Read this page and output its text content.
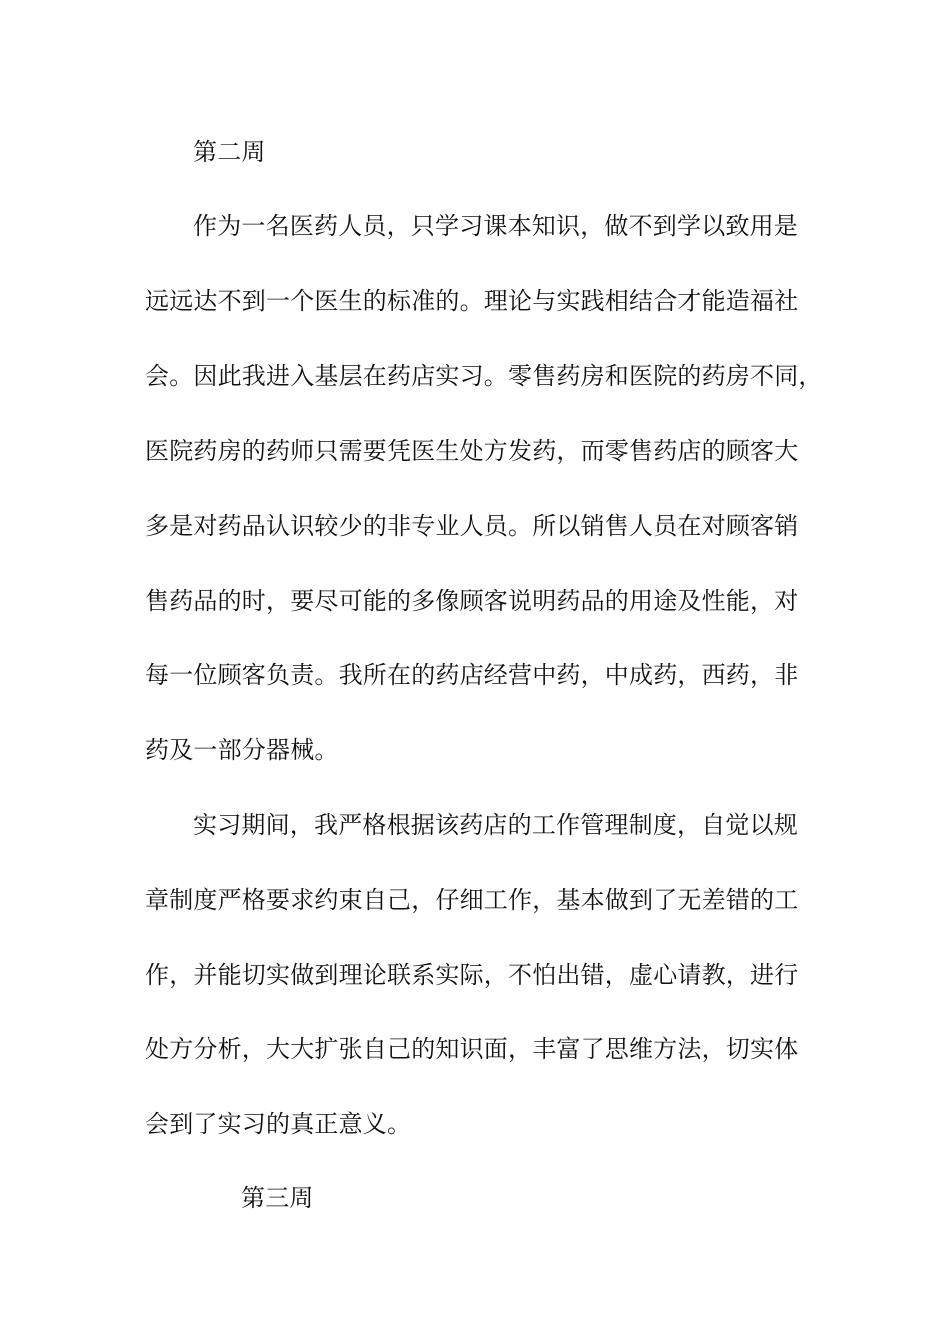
第二周
作为一名医药人员，只学习课本知识，做不到学以致用是
远远达不到一个医生的标准的。理论与实践相结合才能造福社
会。因此我进入基层在药店实习。零售药房和医院的药房不同，
医院药房的药师只需要凭医生处方发药，而零售药店的顾客大
多是对药品认识较少的非专业人员。所以销售人员在对顾客销
售药品的时，要尽可能的多像顾客说明药品的用途及性能，对
每一位顾客负责。我所在的药店经营中药，中成药，西药，非
药及一部分器械。
实习期间，我严格根据该药店的工作管理制度，自觉以规
章制度严格要求约束自己，仔细工作，基本做到了无差错的工
作，并能切实做到理论联系实际，不怕出错，虚心请教，进行
处方分析，大大扩张自己的知识面，丰富了思维方法，切实体
会到了实习的真正意义。
第三周
